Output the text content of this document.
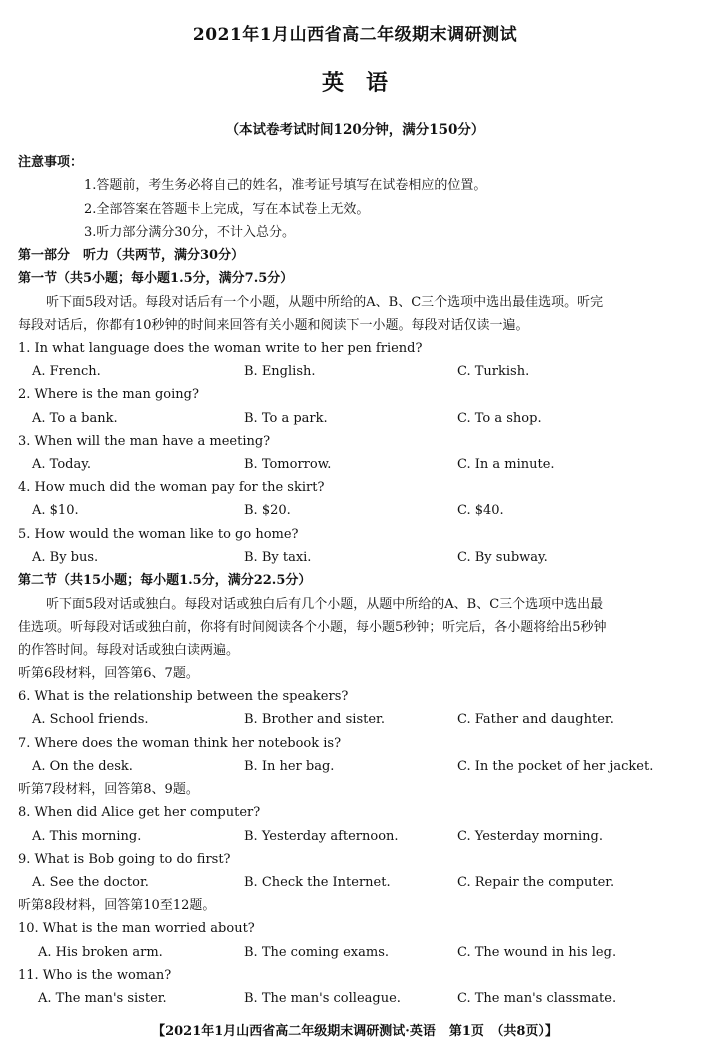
2021年1月山西省高二年级期末调研测试
英语
（本试卷考试时间120分钟，满分150分）
注意事项：
1.答题前，考生务必将自己的姓名，准考证号填写在试卷相应的位置。
2.全部答案在答题卡上完成，写在本试卷上无效。
3.听力部分满分30分，不计入总分。
第一部分　听力（共两节，满分30分）
第一节（共5小题；每小题1.5分，满分7.5分）
听下面5段对话。每段对话后有一个小题，从题中所给的A、B、C三个选项中选出最佳选项。听完
每段对话后，你都有10秒钟的时间来回答有关小题和阅读下一小题。每段对话仅读一遍。
1. In what language does the woman write to her pen friend?
A. French.	B. English.	C. Turkish.
2. Where is the man going?
A. To a bank.	B. To a park.	C. To a shop.
3. When will the man have a meeting?
A. Today.	B. Tomorrow.	C. In a minute.
4. How much did the woman pay for the skirt?
A. $10.	B. $20.	C. $40.
5. How would the woman like to go home?
A. By bus.	B. By taxi.	C. By subway.
第二节（共15小题；每小题1.5分，满分22.5分）
听下面5段对话或独白。每段对话或独白后有几个小题，从题中所给的A、B、C三个选项中选出最
佳选项。听每段对话或独白前，你将有时间阅读各个小题，每小题5秒钟；听完后，各小题将给出5秒钟
的作答时间。每段对话或独白读两遍。
听第6段材料，回答第6、7题。
6. What is the relationship between the speakers?
A. School friends.	B. Brother and sister.	C. Father and daughter.
7. Where does the woman think her notebook is?
A. On the desk.	B. In her bag.	C. In the pocket of her jacket.
听第7段材料，回答第8、9题。
8. When did Alice get her computer?
A. This morning.	B. Yesterday afternoon.	C. Yesterday morning.
9. What is Bob going to do first?
A. See the doctor.	B. Check the Internet.	C. Repair the computer.
听第8段材料，回答第10至12题。
10. What is the man worried about?
A. His broken arm.	B. The coming exams.	C. The wound in his leg.
11. Who is the woman?
A. The man's sister.	B. The man's colleague.	C. The man's classmate.
【2021年1月山西省高二年级期末调研测试·英语　第1页　（共8页）】
